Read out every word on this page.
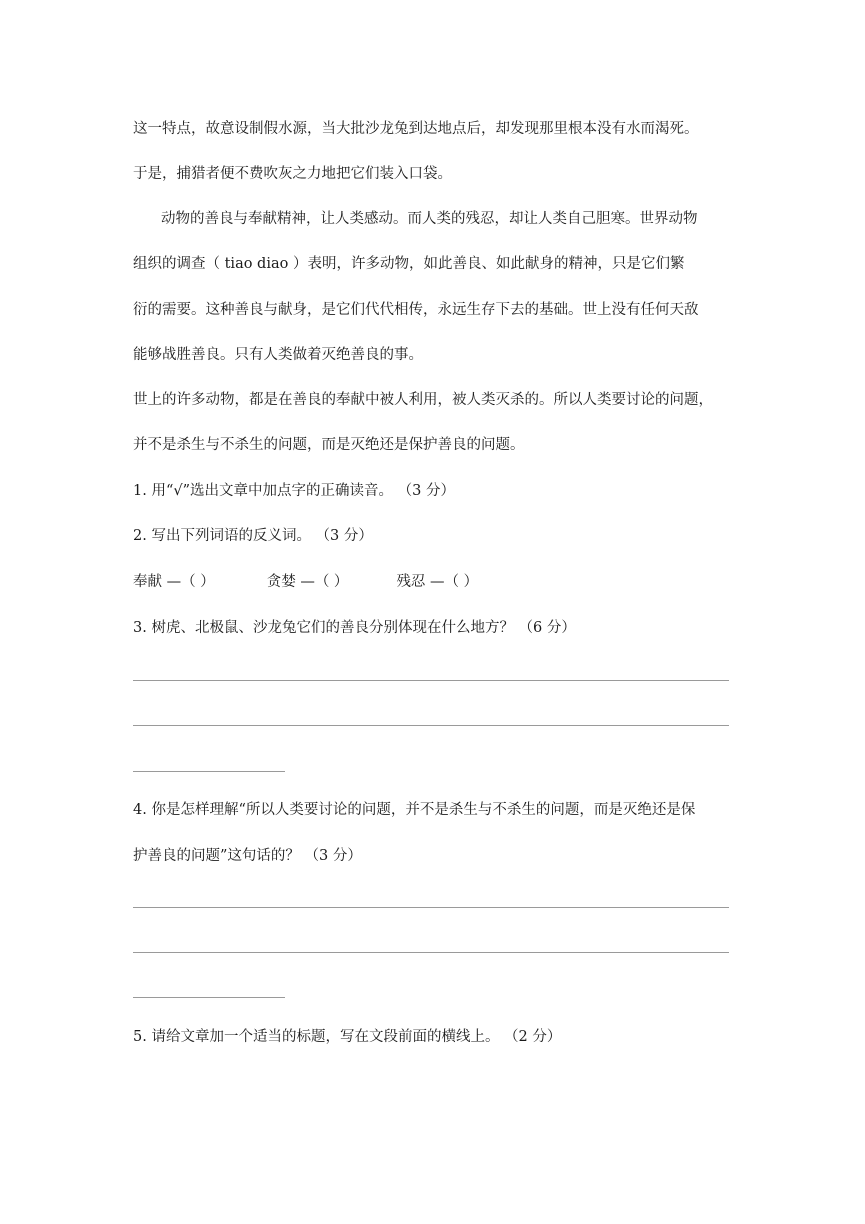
这一特点，故意设制假水源，当大批沙龙兔到达地点后，却发现那里根本没有水而渴死。
于是，捕猎者便不费吹灰之力地把它们装入口袋。
动物的善良与奉献精神，让人类感动。而人类的残忍，却让人类自己胆寒。世界动物
组织的调查（ tiao diao ）表明，许多动物，如此善良、如此献身的精神，只是它们繁
衍的需要。这种善良与献身，是它们代代相传，永远生存下去的基础。世上没有任何天敌
能够战胜善良。只有人类做着灭绝善良的事。
世上的许多动物，都是在善良的奉献中被人利用，被人类灭杀的。所以人类要讨论的问题，
并不是杀生与不杀生的问题，而是灭绝还是保护善良的问题。
1. 用“√”选出文章中加点字的正确读音。 （3 分）
2. 写出下列词语的反义词。 （3 分）
奉献 —（ ）	贪婪 —（ ）	残忍 —（ ）
3. 树虎、北极鼠、沙龙兔它们的善良分别体现在什么地方？ （6 分）
4. 你是怎样理解“所以人类要讨论的问题，并不是杀生与不杀生的问题，而是灭绝还是保
护善良的问题”这句话的？ （3 分）
5. 请给文章加一个适当的标题，写在文段前面的横线上。 （2 分）
